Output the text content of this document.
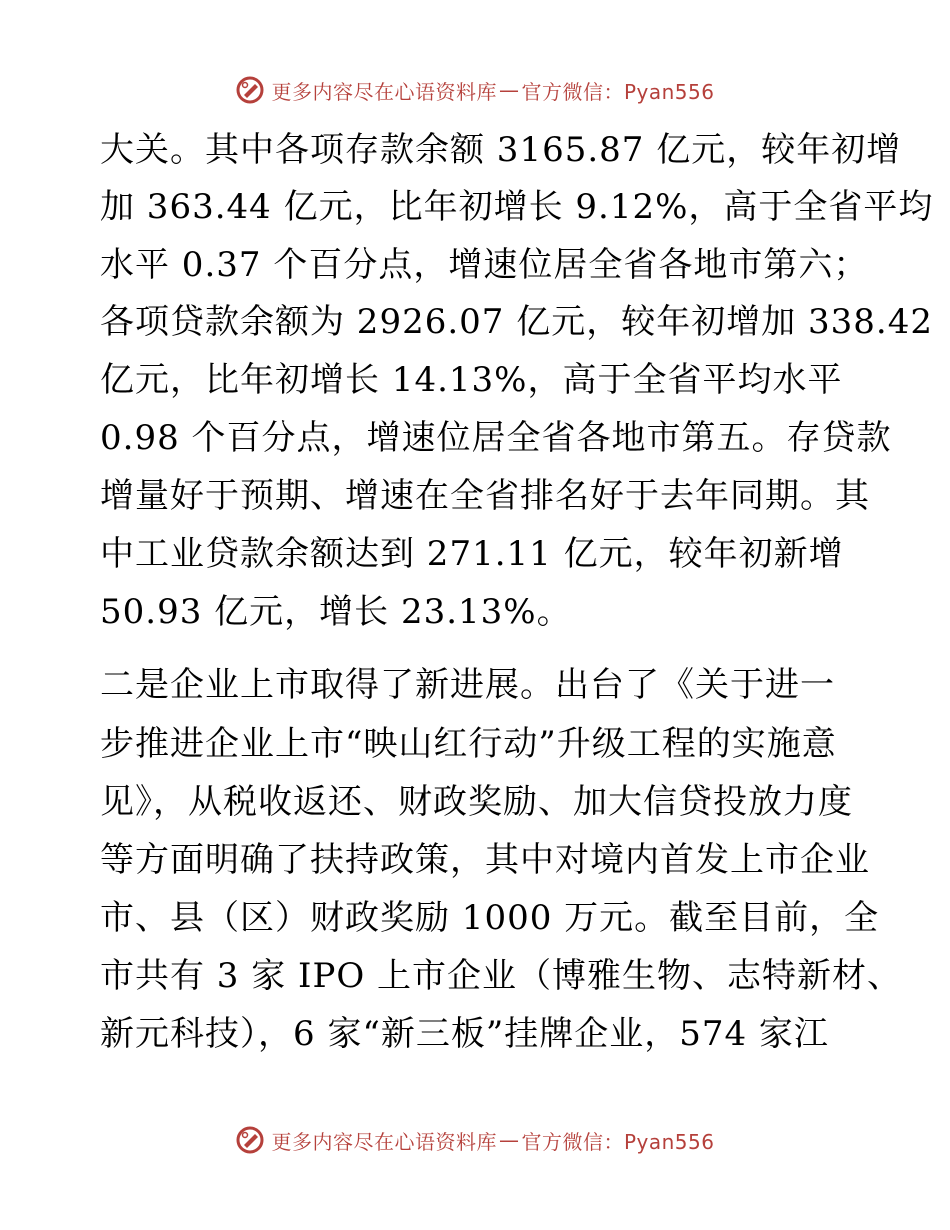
更多内容尽在心语资料库 — 官方微信：Pyan556
大关。其中各项存款余额 3165.87 亿元，较年初增
加 363.44 亿元，比年初增长 9.12%，高于全省平均
水平 0.37 个百分点，增速位居全省各地市第六；
各项贷款余额为 2926.07 亿元，较年初增加 338.42
亿元，比年初增长 14.13%，高于全省平均水平
0.98 个百分点，增速位居全省各地市第五。存贷款
增量好于预期、增速在全省排名好于去年同期。其
中工业贷款余额达到 271.11 亿元，较年初新增
50.93 亿元，增长 23.13%。
二是企业上市取得了新进展。出台了《关于进一
步推进企业上市“映山红行动”升级工程的实施意
见》，从税收返还、财政奖励、加大信贷投放力度
等方面明确了扶持政策，其中对境内首发上市企业
市、县（区）财政奖励 1000 万元。截至目前，全
市共有 3 家 IPO 上市企业（博雅生物、志特新材、
新元科技），6 家“新三板”挂牌企业，574 家江
更多内容尽在心语资料库 — 官方微信：Pyan556
